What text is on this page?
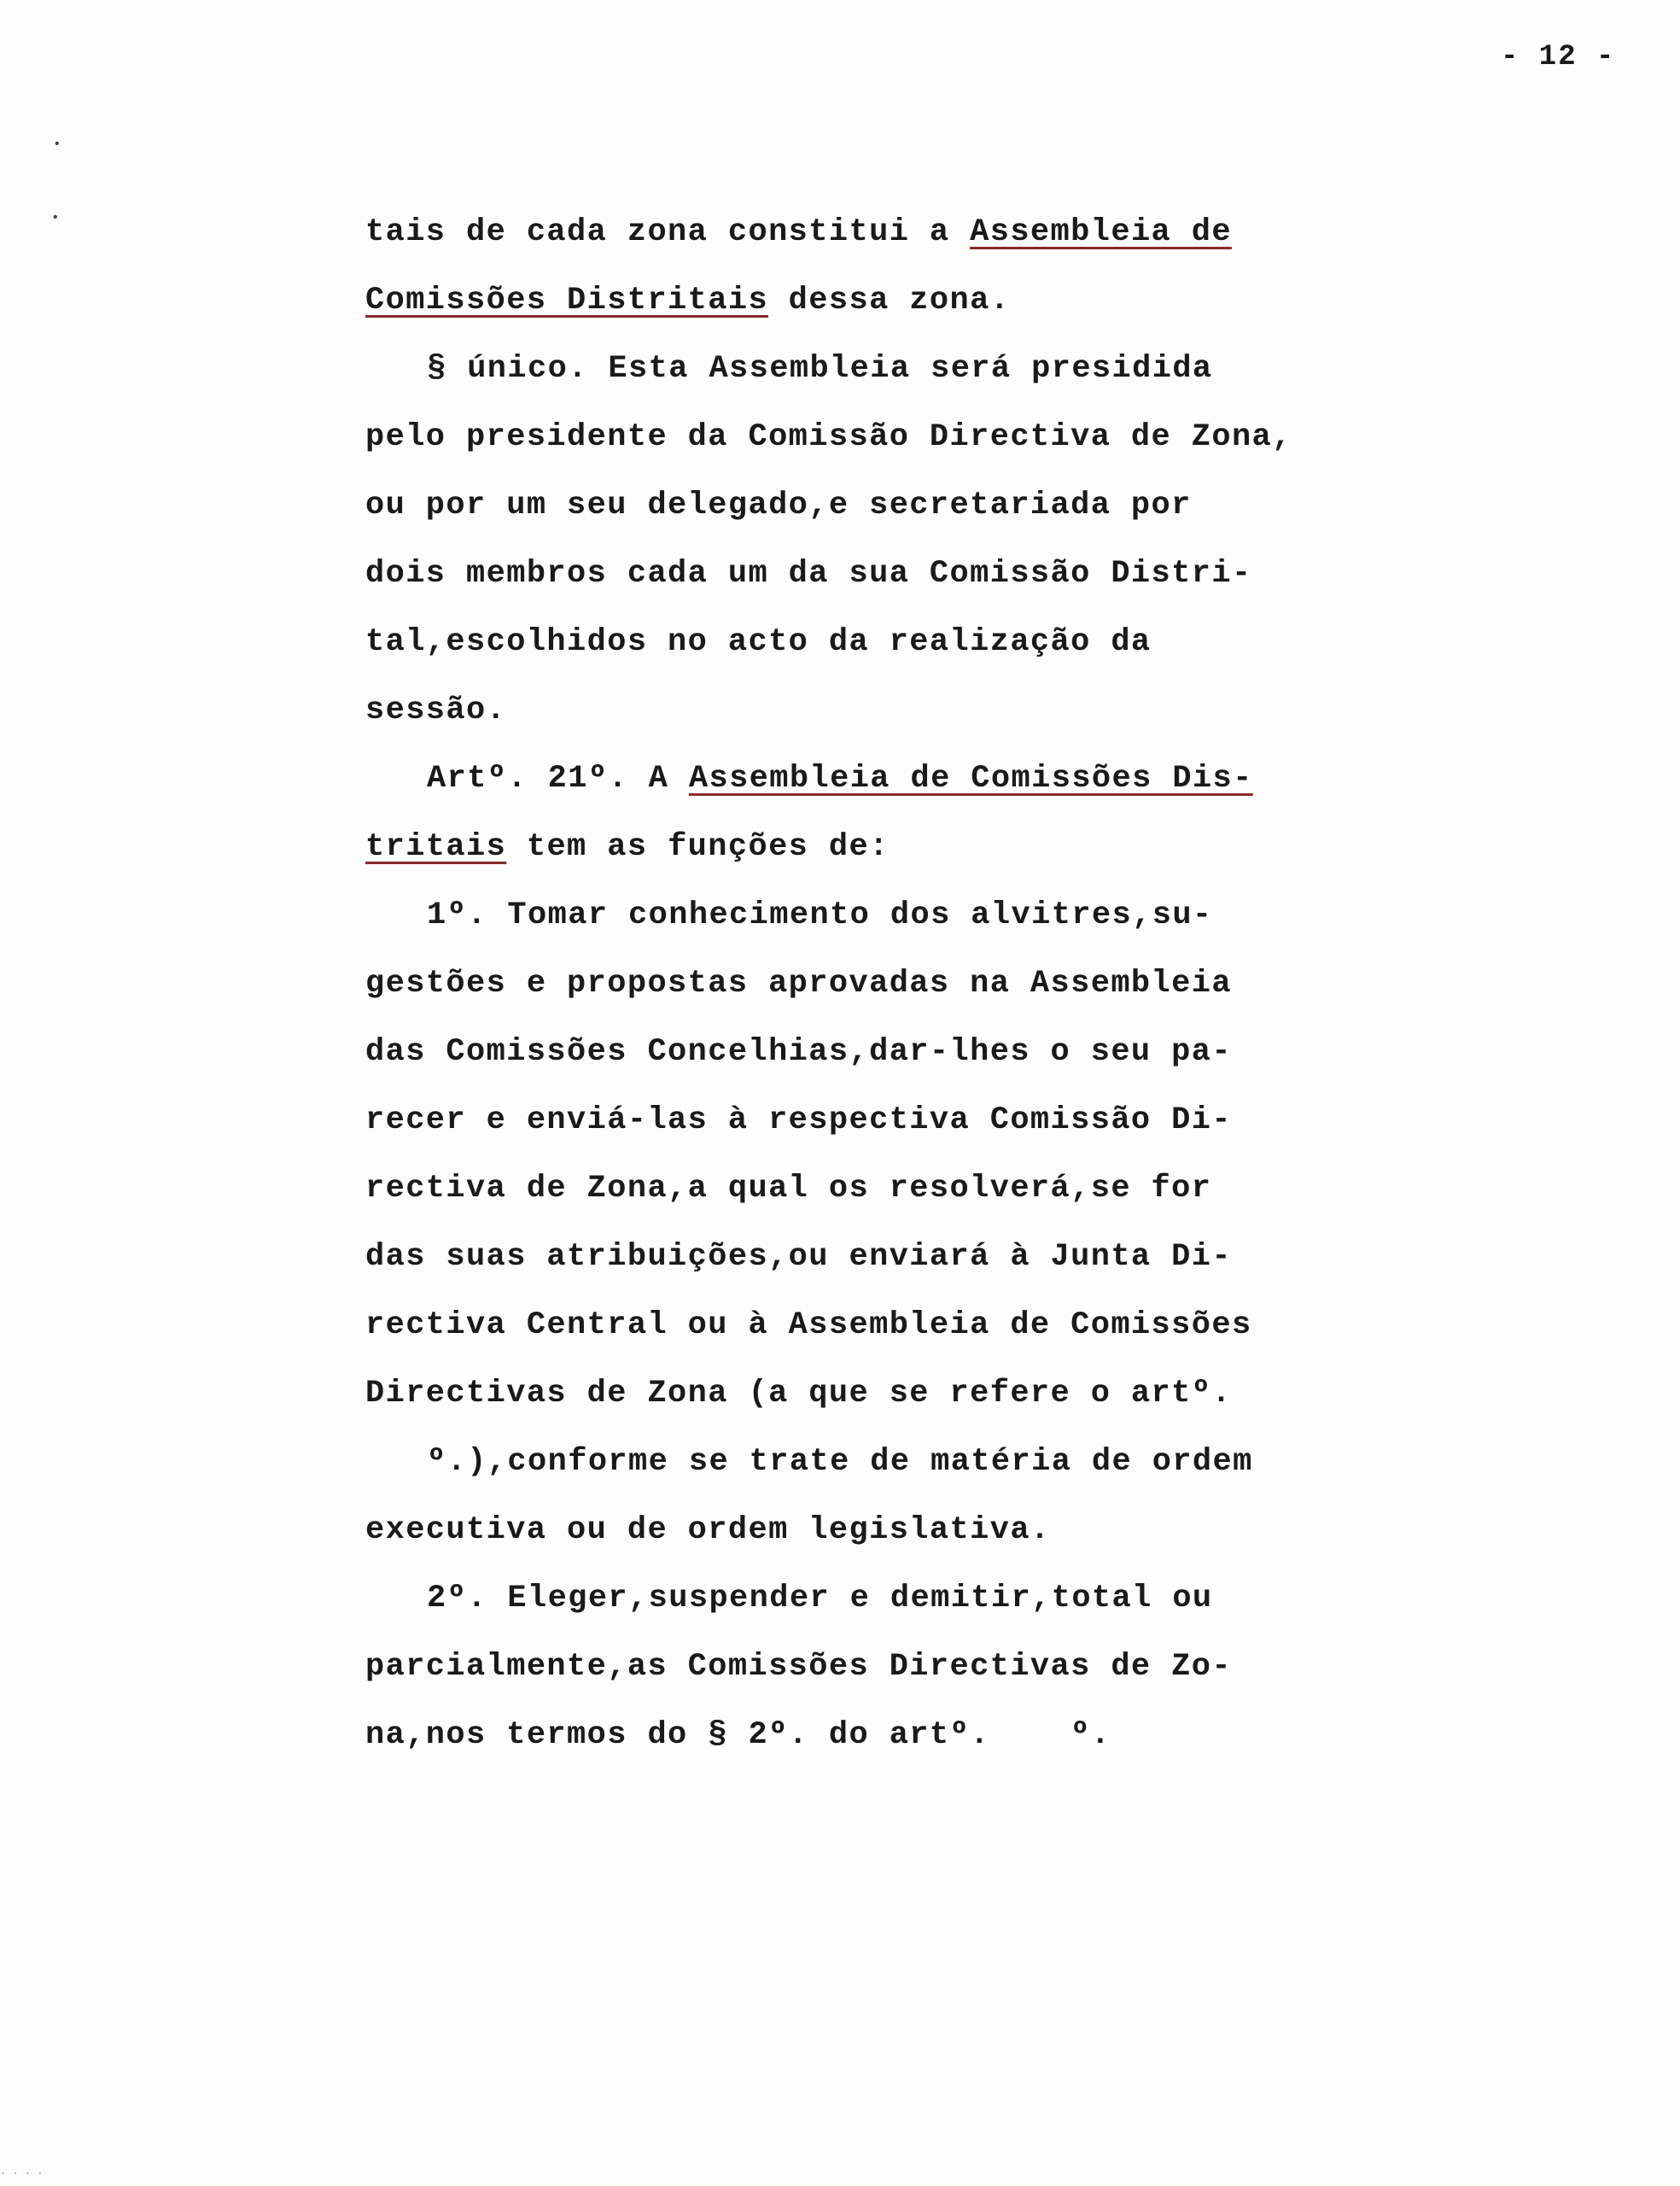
- 12 -
•
•	tais de cada zona constitui a Assembleia de
Comissões Distritais dessa zona.
§ único. Esta Assembleia será presidida
pelo presidente da Comissão Directiva de Zona,
ou por um seu delegado,e secretariada por
dois membros cada um da sua Comissão Distri-
tal,escolhidos no acto da realização da
sessão.
Artº. 21º. A Assembleia de Comissões Dis-
tritais tem as funções de:
1º. Tomar conhecimento dos alvitres,su-
gestões e propostas aprovadas na Assembleia
das Comissões Concelhias,dar-lhes o seu pa-
recer e enviá-las à respectiva Comissão Di-
rectiva de Zona,a qual os resolverá,se for
das suas atribuições,ou enviará à Junta Di-
rectiva Central ou à Assembleia de Comissões
Directivas de Zona (a que se refere o artº.
º.),conforme se trate de matéria de ordem
executiva ou de ordem legislativa.
2º. Eleger,suspender e demitir,total ou
parcialmente,as Comissões Directivas de Zo-
na,nos termos do § 2º. do artº.    º.
. . . .
